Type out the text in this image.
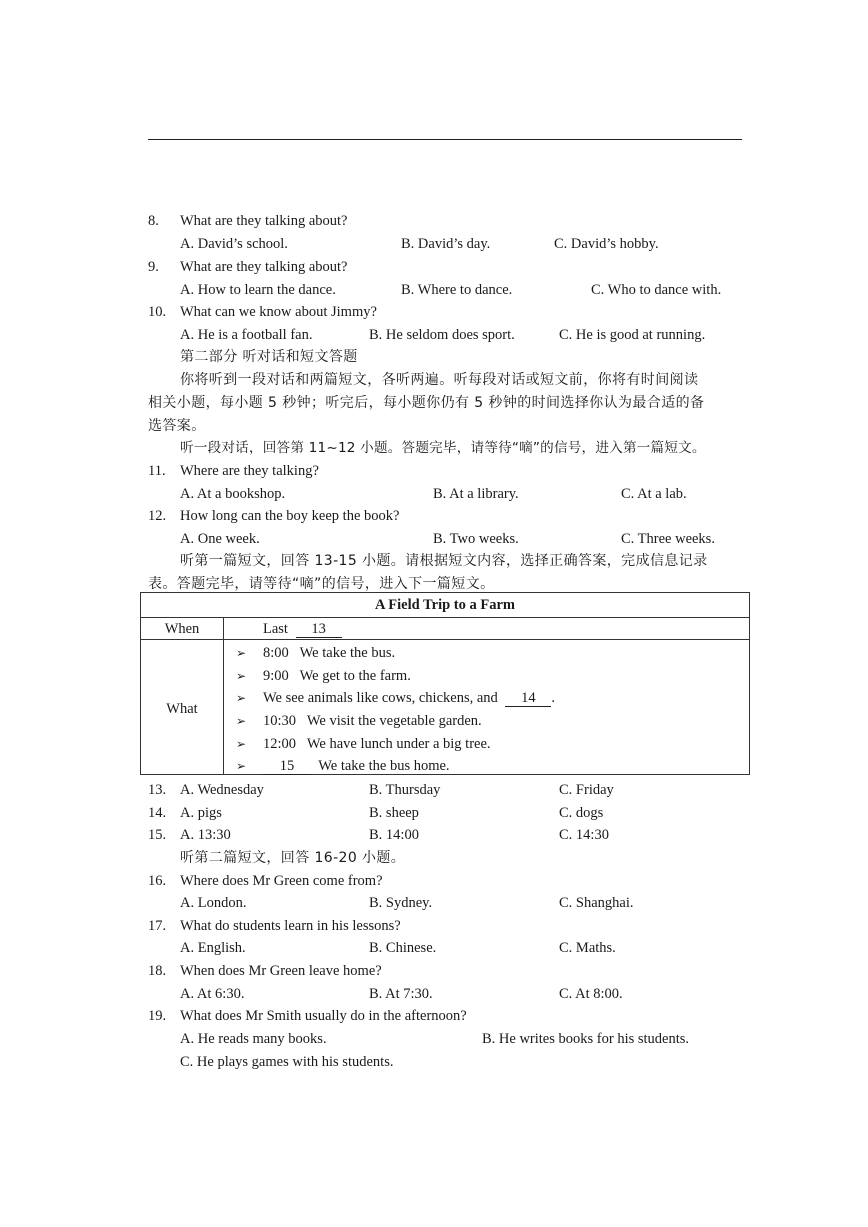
8. What are they talking about?
A. David’s school.	B. David’s day.	C. David’s hobby.
9. What are they talking about?
A. How to learn the dance.	B. Where to dance.	C. Who to dance with.
10. What can we know about Jimmy?
A. He is a football fan.	B. He seldom does sport.	C. He is good at running.
第二部分 听对话和短文答题
你将听到一段对话和两篇短文，各听两遍。听每段对话或短文前，你将有时间阅读
相关小题，每小题 5 秒钟；听完后，每小题你仍有 5 秒钟的时间选择你认为最合适的备
选答案。
听一段对话，回答第 11~12 小题。答题完毕，请等待“嘀”的信号，进入第一篇短文。
11. Where are they talking?
A. At a bookshop.	B. At a library.	C. At a lab.
12. How long can the boy keep the book?
A. One week.	B. Two weeks.	C. Three weeks.
听第一篇短文，回答 13-15 小题。请根据短文内容，选择正确答案，完成信息记录
表。答题完毕，请等待“嘀”的信号，进入下一篇短文。
A Field Trip to a Farm
When	Last 13
What
➢ 8:00 We take the bus.
➢ 9:00 We get to the farm.
➢ We see animals like cows, chickens, and 14 .
➢ 10:30 We visit the vegetable garden.
➢ 12:00 We have lunch under a big tree.
➢	15 We take the bus home.
13. A. Wednesday	B. Thursday	C. Friday
14. A. pigs	B. sheep	C. dogs
15. A. 13:30	B. 14:00	C. 14:30
听第二篇短文，回答 16-20 小题。
16. Where does Mr Green come from?
A. London.	B. Sydney.	C. Shanghai.
17. What do students learn in his lessons?
A. English.	B. Chinese.	C. Maths.
18. When does Mr Green leave home?
A. At 6:30.	B. At 7:30.	C. At 8:00.
19. What does Mr Smith usually do in the afternoon?
A. He reads many books.	B. He writes books for his students.
C. He plays games with his students.
